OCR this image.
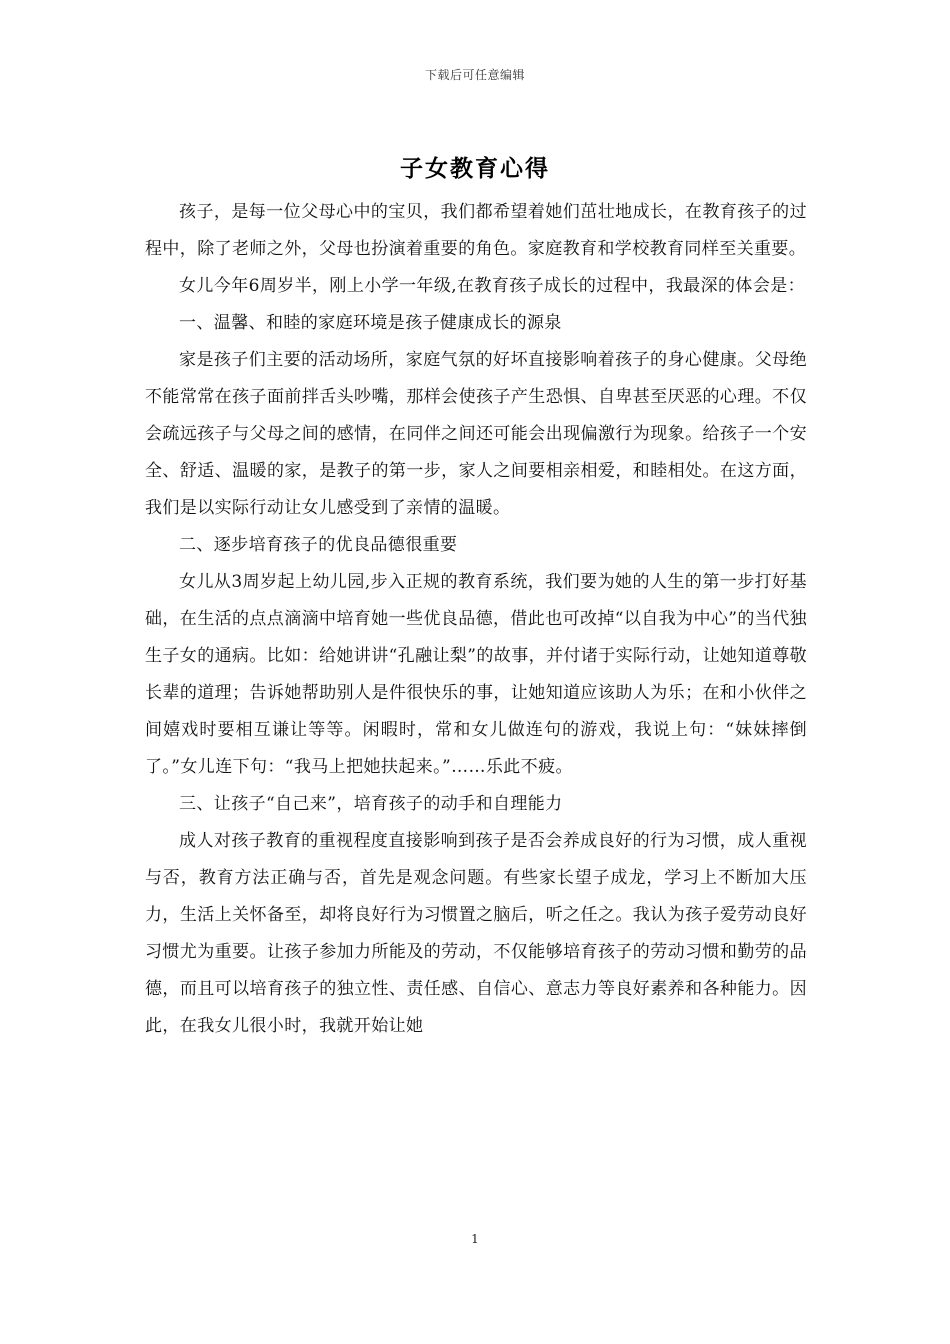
下载后可任意编辑
子女教育心得

孩子，是每一位父母心中的宝贝，我们都希望着她们茁壮地成长，在教育孩子的过程中，除了老师之外，父母也扮演着重要的角色。家庭教育和学校教育同样至关重要。

女儿今年6周岁半，刚上小学一年级,在教育孩子成长的过程中，我最深的体会是：

一、温馨、和睦的家庭环境是孩子健康成长的源泉

家是孩子们主要的活动场所，家庭气氛的好坏直接影响着孩子的身心健康。父母绝不能常常在孩子面前拌舌头吵嘴，那样会使孩子产生恐惧、自卑甚至厌恶的心理。不仅会疏远孩子与父母之间的感情，在同伴之间还可能会出现偏激行为现象。给孩子一个安全、舒适、温暖的家，是教子的第一步，家人之间要相亲相爱，和睦相处。在这方面，我们是以实际行动让女儿感受到了亲情的温暖。

二、逐步培育孩子的优良品德很重要

女儿从3周岁起上幼儿园,步入正规的教育系统，我们要为她的人生的第一步打好基础，在生活的点点滴滴中培育她一些优良品德，借此也可改掉“以自我为中心”的当代独生子女的通病。比如：给她讲讲“孔融让梨”的故事，并付诸于实际行动，让她知道尊敬长辈的道理；告诉她帮助别人是件很快乐的事，让她知道应该助人为乐；在和小伙伴之间嬉戏时要相互谦让等等。闲暇时，常和女儿做连句的游戏，我说上句：“妹妹摔倒了。”女儿连下句：“我马上把她扶起来。”……乐此不疲。

三、让孩子“自己来”，培育孩子的动手和自理能力

成人对孩子教育的重视程度直接影响到孩子是否会养成良好的行为习惯，成人重视与否，教育方法正确与否，首先是观念问题。有些家长望子成龙，学习上不断加大压力，生活上关怀备至，却将良好行为习惯置之脑后，听之任之。我认为孩子爱劳动良好习惯尤为重要。让孩子参加力所能及的劳动，不仅能够培育孩子的劳动习惯和勤劳的品德，而且可以培育孩子的独立性、责任感、自信心、意志力等良好素养和各种能力。因此，在我女儿很小时，我就开始让她

1
